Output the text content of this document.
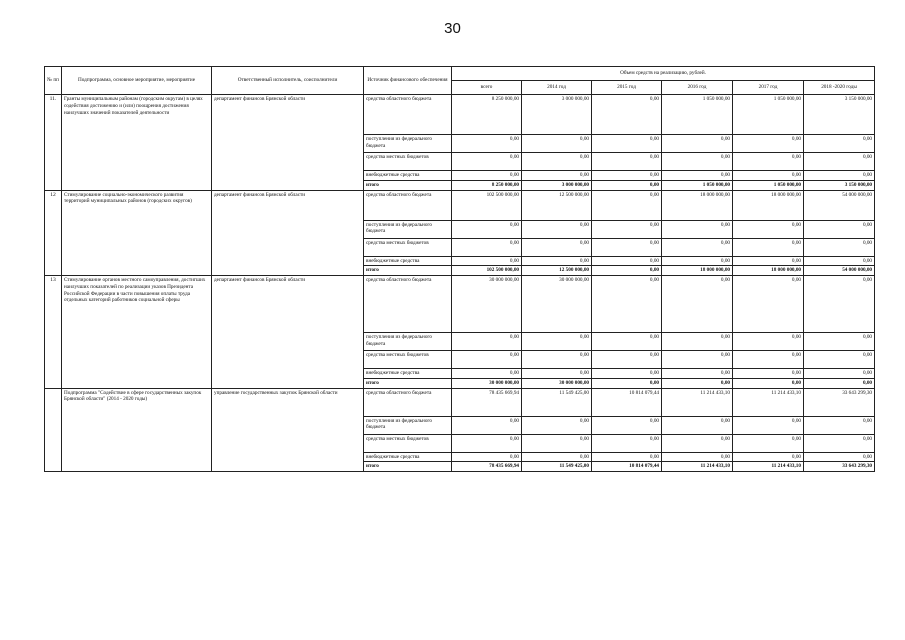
30
№ пп	Подпрограмма, основное мероприятие, мероприятие	Ответственный исполнитель, соисполнители	Источник финансового обеспечения	Объем средств на реализацию, рублей.					
				всего	2014 год	2015 год	2016 год	2017 год	2018 -2020 годы
11.	Гранты муниципальным районам (городским округам) в целях содействия достижению и (или) поощрения достижения наилучших значений показателей деятельности	департамент финансов Брянской области	средства областного бюджета	8 250 000,00	3 000 000,00	0,00	1 050 000,00	1 050 000,00	3 150 000,00
			поступления из федерального бюджета	0,00	0,00	0,00	0,00	0,00	0,00
			средства местных бюджетов	0,00	0,00	0,00	0,00	0,00	0,00
			внебюджетные средства	0,00	0,00	0,00	0,00	0,00	0,00
			итого	8 250 000,00	3 000 000,00	0,00	1 050 000,00	1 050 000,00	3 150 000,00
12	Стимулирование социально-экономического развития территорий муниципальных районов (городских округов)	департамент финансов Брянской области	средства областного бюджета	102 500 000,00	12 500 000,00	0,00	18 000 000,00	18 000 000,00	54 000 000,00
			поступления из федерального бюджета	0,00	0,00	0,00	0,00	0,00	0,00
			средства местных бюджетов	0,00	0,00	0,00	0,00	0,00	0,00
			внебюджетные средства	0,00	0,00	0,00	0,00	0,00	0,00
			итого	102 500 000,00	12 500 000,00	0,00	18 000 000,00	18 000 000,00	54 000 000,00
13	Стимулирование органов местного самоуправления, достигших наилучших показателей по реализации указов Президента Российской Федерации в части повышения оплаты труда отдельных категорий работников социальной сферы	департамент финансов Брянской области	средства областного бюджета	30 000 000,00	30 000 000,00	0,00	0,00	0,00	0,00
			поступления из федерального бюджета	0,00	0,00	0,00	0,00	0,00	0,00
			средства местных бюджетов	0,00	0,00	0,00	0,00	0,00	0,00
			внебюджетные средства	0,00	0,00	0,00	0,00	0,00	0,00
			итого	30 000 000,00	30 000 000,00	0,00	0,00	0,00	0,00
	Подпрограмма "Содействие в сфере государственных закупок Брянской области" (2014 - 2020 годы)	управление государственных закупок Брянской области	средства областного бюджета	78 435 669,94	11 549 425,00	10 814 079,44	11 214 433,10	11 214 433,10	33 643 299,30
			поступления из федерального бюджета	0,00	0,00	0,00	0,00	0,00	0,00
			средства местных бюджетов	0,00	0,00	0,00	0,00	0,00	0,00
			внебюджетные средства	0,00	0,00	0,00	0,00	0,00	0,00
			итого	78 435 669,94	11 549 425,00	10 814 079,44	11 214 433,10	11 214 433,10	33 643 299,30
